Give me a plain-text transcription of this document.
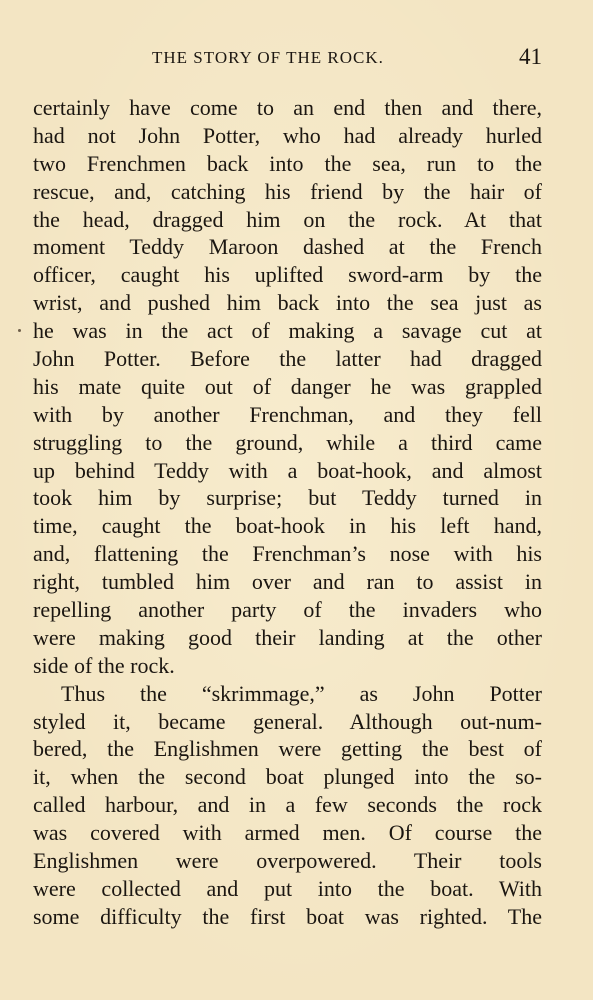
THE STORY OF THE ROCK.	41
certainly have come to an end then and there,
had not John Potter, who had already hurled
two Frenchmen back into the sea, run to the
rescue, and, catching his friend by the hair of
the head, dragged him on the rock. At that
moment Teddy Maroon dashed at the French
officer, caught his uplifted sword-arm by the
wrist, and pushed him back into the sea just as
he was in the act of making a savage cut at
John Potter. Before the latter had dragged
his mate quite out of danger he was grappled
with by another Frenchman, and they fell
struggling to the ground, while a third came
up behind Teddy with a boat-hook, and almost
took him by surprise; but Teddy turned in
time, caught the boat-hook in his left hand,
and, flattening the Frenchman’s nose with his
right, tumbled him over and ran to assist in
repelling another party of the invaders who
were making good their landing at the other
side of the rock.
Thus the “skrimmage,” as John Potter
styled it, became general. Although out-num-
bered, the Englishmen were getting the best of
it, when the second boat plunged into the so-
called harbour, and in a few seconds the rock
was covered with armed men. Of course the
Englishmen were overpowered. Their tools
were collected and put into the boat. With
some difficulty the first boat was righted. The
